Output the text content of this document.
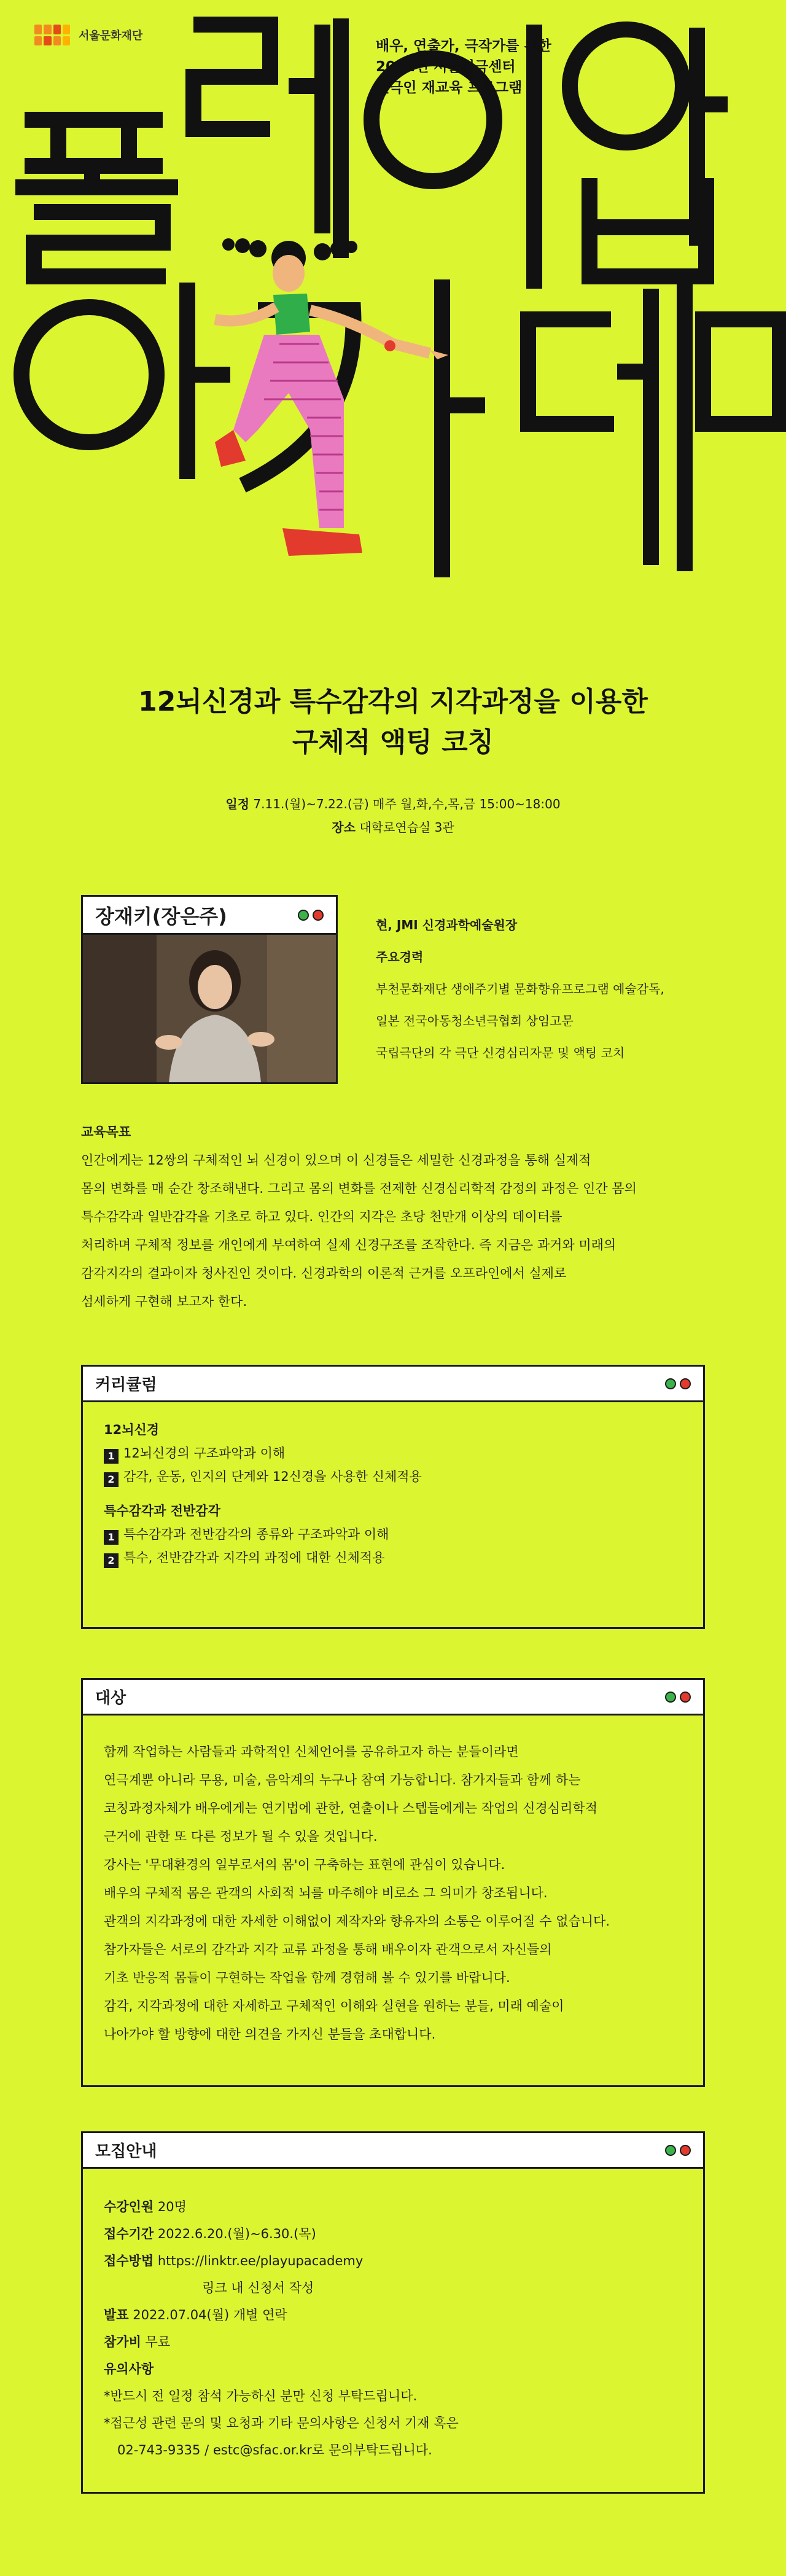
서울문화재단
배우, 연출가, 극작가를 위한
2022년 서울연극센터
연극인 재교육 프로그램
12뇌신경과 특수감각의 지각과정을 이용한
구체적 액팅 코칭
일정 7.11.(월)~7.22.(금) 매주 월,화,수,목,금 15:00~18:00
장소 대학로연습실 3관
장재키(장은주)	현, JMI 신경과학예술원장
주요경력
부천문화재단 생애주기별 문화향유프로그램 예술감독,
일본 전국아동청소년극협회 상임고문
국립극단의 각 극단 신경심리자문 및 액팅 코치
교육목표
인간에게는 12쌍의 구체적인 뇌 신경이 있으며 이 신경들은 세밀한 신경과정을 통해 실제적
몸의 변화를 매 순간 창조해낸다. 그리고 몸의 변화를 전제한 신경심리학적 감정의 과정은 인간 몸의
특수감각과 일반감각을 기초로 하고 있다. 인간의 지각은 초당 천만개 이상의 데이터를
처리하며 구체적 정보를 개인에게 부여하여 실제 신경구조를 조작한다. 즉 지금은 과거와 미래의
감각지각의 결과이자 청사진인 것이다. 신경과학의 이론적 근거를 오프라인에서 실제로
섬세하게 구현해 보고자 한다.
커리큘럼
12뇌신경
1 12뇌신경의 구조파악과 이해
2 감각, 운동, 인지의 단계와 12신경을 사용한 신체적용
특수감각과 전반감각
1 특수감각과 전반감각의 종류와 구조파악과 이해
2 특수, 전반감각과 지각의 과정에 대한 신체적용
대상
함께 작업하는 사람들과 과학적인 신체언어를 공유하고자 하는 분들이라면
연극계뿐 아니라 무용, 미술, 음악계의 누구나 참여 가능합니다. 참가자들과 함께 하는
코칭과정자체가 배우에게는 연기법에 관한, 연출이나 스텝들에게는 작업의 신경심리학적
근거에 관한 또 다른 정보가 될 수 있을 것입니다.
강사는 '무대환경의 일부로서의 몸'이 구축하는 표현에 관심이 있습니다.
배우의 구체적 몸은 관객의 사회적 뇌를 마주해야 비로소 그 의미가 창조됩니다.
관객의 지각과정에 대한 자세한 이해없이 제작자와 향유자의 소통은 이루어질 수 없습니다.
참가자들은 서로의 감각과 지각 교류 과정을 통해 배우이자 관객으로서 자신들의
기초 반응적 몸들이 구현하는 작업을 함께 경험해 볼 수 있기를 바랍니다.
감각, 지각과정에 대한 자세하고 구체적인 이해와 실현을 원하는 분들, 미래 예술이
나아가야 할 방향에 대한 의견을 가지신 분들을 초대합니다.
모집안내
수강인원 20명
접수기간 2022.6.20.(월)~6.30.(목)
접수방법 https://linktr.ee/playupacademy
링크 내 신청서 작성
발표 2022.07.04(월) 개별 연락
참가비 무료
유의사항
*반드시 전 일정 참석 가능하신 분만 신청 부탁드립니다.
*접근성 관련 문의 및 요청과 기타 문의사항은 신청서 기재 혹은
02-743-9335 / estc@sfac.or.kr로 문의부탁드립니다.
